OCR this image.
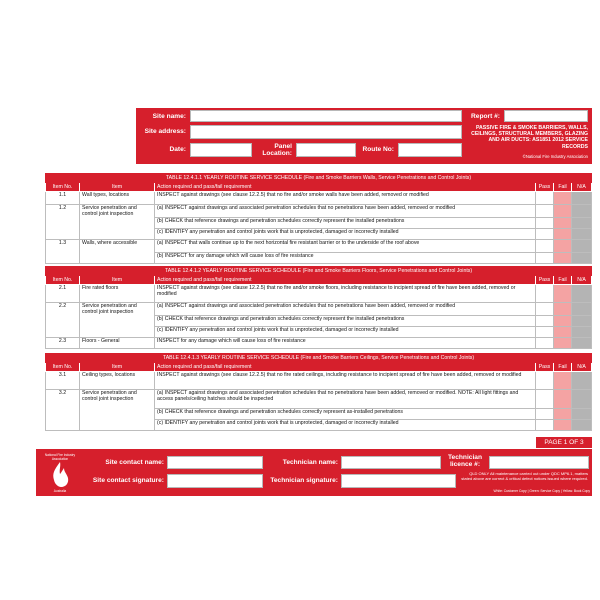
Site name:	Report #:
Site address:
Date:	Panel Location:
Route No:
PASSIVE FIRE & SMOKE BARRIERS, WALLS, CEILINGS, STRUCTURAL MEMBERS, GLAZING AND AIR DUCTS: AS1851 2012 SERVICE RECORDS
©National Fire Industry Association
TABLE 12.4.1.1 YEARLY ROUTINE SERVICE SCHEDULE (Fire and Smoke Barriers Walls, Service Penetrations and Control Joints)					
Item No.	Item	Action required and pass/fail requirement	Pass	Fail	N/A
1.1	Wall types, locations	INSPECT against drawings (see clause 12.2.5) that no fire and/or smoke walls have been added, removed or modified			
1.2	Service penetration and control joint inspection	(a) INSPECT against drawings and associated penetration schedules that no penetrations have been added, removed or modified			
		(b) CHECK that reference drawings and penetration schedules correctly represent the installed penetrations			
		(c) IDENTIFY any penetration and control joints work that is unprotected, damaged or incorrectly installed			
1.3	Walls, where accessible	(a) INSPECT that walls continue up to the next horizontal fire resistant barrier or to the underside of the roof above			
		(b) INSPECT for any damage which will cause loss of fire resistance			
TABLE 12.4.1.2 YEARLY ROUTINE SERVICE SCHEDULE (Fire and Smoke Barriers Floors, Service Penetrations and Control Joints)					
Item No.	Item	Action required and pass/fail requirement	Pass	Fail	N/A
2.1	Fire rated floors	INSPECT against drawings (see clause 12.2.5) that no fire and/or smoke floors, including resistance to incipient spread of fire have been added, removed or modified			
2.2	Service penetration and control joint inspection	(a) INSPECT against drawings and associated penetration schedules that no penetrations have been added, removed or modified			
		(b) CHECK that reference drawings and penetration schedules correctly represent the installed penetrations			
		(c) IDENTIFY any penetration and control joints work that is unprotected, damaged or incorrectly installed			
2.3	Floors - General	INSPECT for any damage which will cause loss of fire resistance			
TABLE 12.4.1.3 YEARLY ROUTINE SERVICE SCHEDULE (Fire and Smoke Barriers Ceilings, Service Penetrations and Control Joints)					
Item No.	Item	Action required and pass/fail requirement	Pass	Fail	N/A
3.1	Ceiling types, locations	INSPECT against drawings (see clause 12.2.5) that no fire rated ceilings, including resistance to incipient spread of fire have been added, removed or modified			
3.2	Service penetration and control joint inspection	(a) INSPECT against drawings and associated penetration schedules that no penetrations have been added, removed or modified. NOTE: All light fittings and access panels/ceiling hatches should be inspected			
		(b) CHECK that reference drawings and penetration schedules correctly represent as-installed penetrations			
		(c) IDENTIFY any penetration and control joints work that is unprotected, damaged or incorrectly installed			
PAGE 1 OF 3
National Fire Industry Association
Australia
Site contact name:	Technician name:
Technician licence #:
Site contact signature:	Technician signature:
QLD ONLY All maintenance carried out under QDC MP6.1, matters stated above are correct & critical defect notices issued where required.
White: Customer Copy | Green: Service Copy | Yellow: Book Copy
